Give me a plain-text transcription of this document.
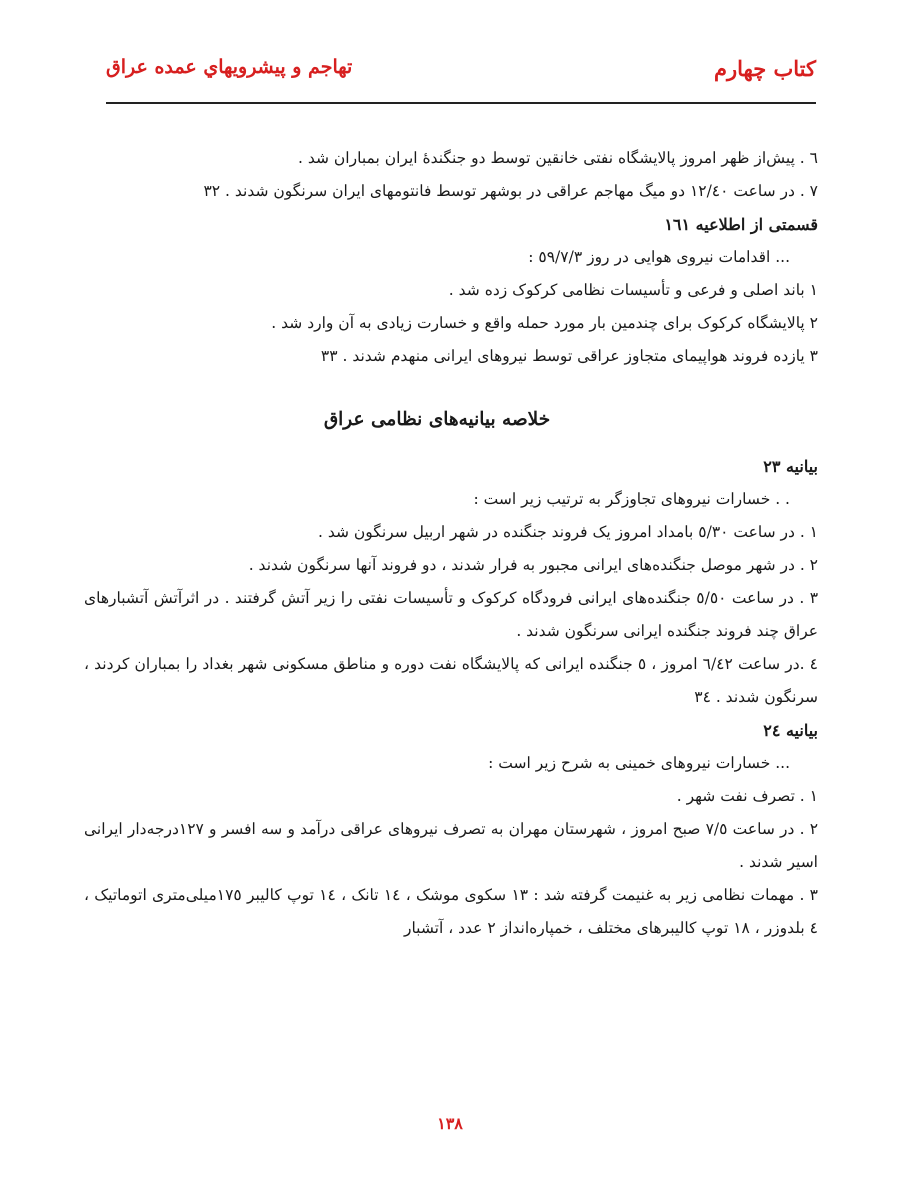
كتاب چهارم
تهاجم و پيشرويهاي عمده عراق
٦ . پیش‌از ظهر امروز پالایشگاه نفتی خانقین توسط دو جنگندۀ ایران بمباران شد .
٧ . در ساعت ١٢/٤٠ دو میگ مهاجم عراقی در بوشهر توسط فانتومهای ایران سرنگون شدند . ٣٢
قسمتی از اطلاعیه ١٦١
... اقدامات نیروی هوایی در روز ٥٩/٧/٣ :
١ باند اصلی و فرعی و تأسیسات نظامی کرکوک زده شد .
٢ پالایشگاه کرکوک برای چندمین بار مورد حمله واقع و خسارت زیادی به آن وارد شد .
٣ یازده فروند هواپیمای متجاوز عراقی توسط نیروهای ایرانی منهدم شدند . ٣٣
خلاصه بیانیه‌های نظامی عراق
بیانیه ٢٣
. . خسارات نیروهای تجاوزگر به ترتیب زیر است :
١ . در ساعت ٥/٣٠ بامداد امروز یک فروند جنگنده در شهر اربیل سرنگون شد .
٢ . در شهر موصل جنگنده‌های ایرانی مجبور به فرار شدند ، دو فروند آنها سرنگون شدند .
٣ . در ساعت ٥/٥٠ جنگنده‌های ایرانی فرودگاه کرکوک و تأسیسات نفتی را زیر آتش گرفتند . در اثرآتش آتشبارهای عراق چند فروند جنگنده ایرانی سرنگون شدند .
٤ .در ساعت ٦/٤٢ امروز ، ٥ جنگنده ایرانی که پالایشگاه نفت دوره و مناطق مسکونی شهر بغداد را بمباران کردند ، سرنگون شدند . ٣٤
بیانیه ٢٤
... خسارات نیروهای خمینی به شرح زیر است :
١ . تصرف نفت شهر .
٢ . در ساعت ٧/٥ صبح امروز ، شهرستان مهران به تصرف نیروهای عراقی درآمد و سه افسر و ١٢٧درجه‌دار ایرانی اسیر شدند .
٣ . مهمات نظامی زیر به غنیمت گرفته شد : ١٣ سکوی موشک ، ١٤ تانک ، ١٤ توپ کالیبر ١٧٥میلی‌متری اتوماتیک ، ٤ بلدوزر ، ١٨ توپ کالیبرهای مختلف ، خمپاره‌انداز ٢ عدد ، آتشبار
١٣٨
